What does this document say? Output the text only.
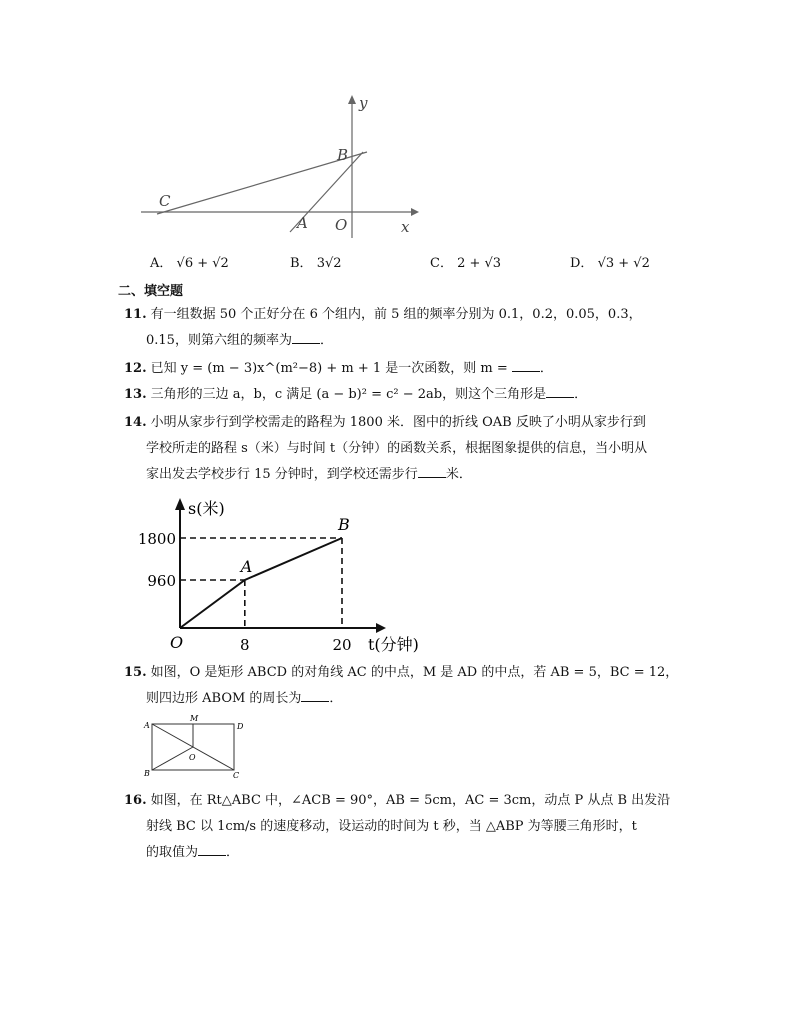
y
x
B
C
A O
A． √6 + √2	B． 3√2	C． 2 + √3	D． √3 + √2
二、填空题
11. 有一组数据 50 个正好分在 6 个组内，前 5 组的频率分别为 0.1，0.2，0.05，0.3，
0.15，则第六组的频率为 ．
12. 已知 y = (m − 3)x^(m²−8) + m + 1 是一次函数，则 m = ．
13. 三角形的三边 a，b，c 满足 (a − b)² = c² − 2ab，则这个三角形是 ．
14. 小明从家步行到学校需走的路程为 1800 米．图中的折线 OAB 反映了小明从家步行到
学校所走的路程 s（米）与时间 t（分钟）的函数关系，根据图象提供的信息，当小明从
家出发去学校步行 15 分钟时，到学校还需步行 米．
s(米)
t(分钟)
O
A
B
960
1800
8	20
15. 如图，O 是矩形 ABCD 的对角线 AC 的中点，M 是 AD 的中点，若 AB = 5，BC = 12，
则四边形 ABOM 的周长为 ．
A
M
D
B
O
C
16. 如图，在 Rt△ABC 中，∠ACB = 90°，AB = 5cm，AC = 3cm，动点 P 从点 B 出发沿
射线 BC 以 1cm/s 的速度移动，设运动的时间为 t 秒，当 △ABP 为等腰三角形时，t
的取值为 ．
